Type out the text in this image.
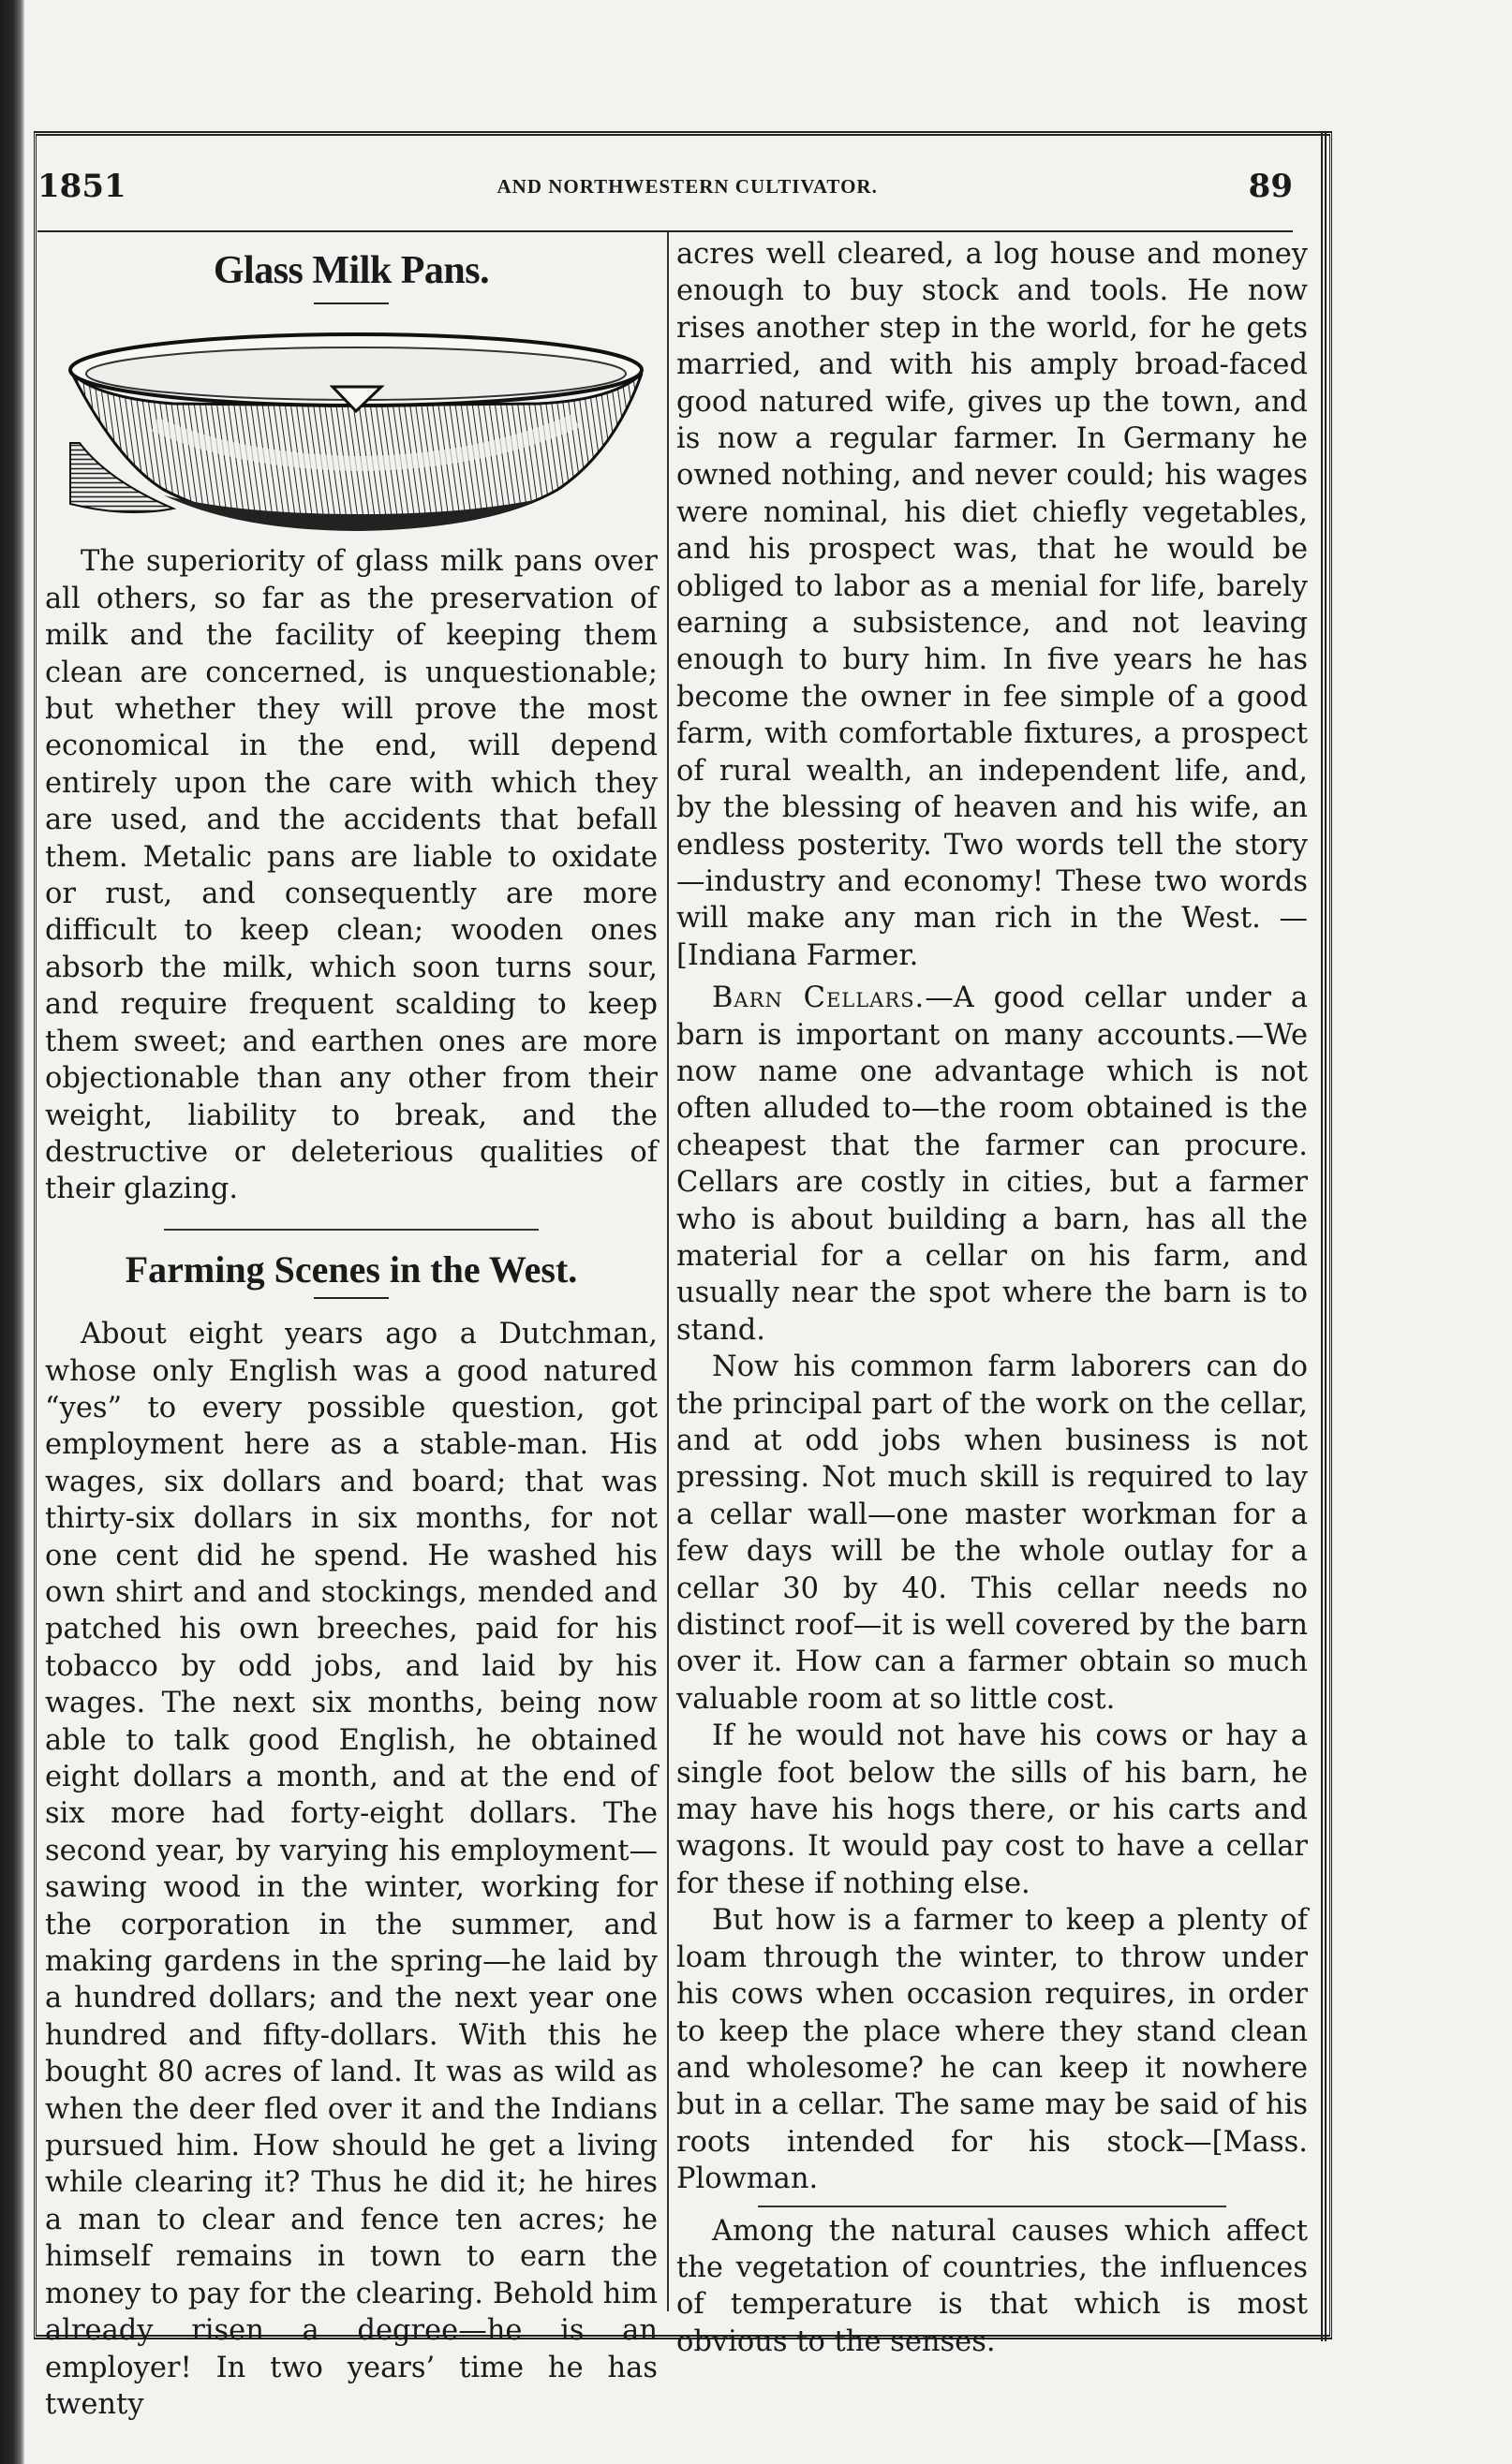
1851	AND NORTHWESTERN CULTIVATOR.	89
Glass Milk Pans.

The superiority of glass milk pans over all others, so far as the preservation of milk and the facility of keeping them clean are concerned, is unquestionable; but whether they will prove the most economical in the end, will depend entirely upon the care with which they are used, and the accidents that befall them. Metalic pans are liable to oxidate or rust, and consequently are more difficult to keep clean; wooden ones absorb the milk, which soon turns sour, and require frequent scalding to keep them sweet; and earthen ones are more objectionable than any other from their weight, liability to break, and the destructive or deleterious qualities of their glazing.

Farming Scenes in the West.

About eight years ago a Dutchman, whose only English was a good natured “yes” to every possible question, got employment here as a stable-man. His wages, six dollars and board; that was thirty-six dollars in six months, for not one cent did he spend. He washed his own shirt and and stockings, mended and patched his own breeches, paid for his tobacco by odd jobs, and laid by his wages. The next six months, being now able to talk good English, he obtained eight dollars a month, and at the end of six more had forty-eight dollars. The second year, by varying his employment—sawing wood in the winter, working for the corporation in the summer, and making gardens in the spring—he laid by a hundred dollars; and the next year one hundred and fifty-dollars. With this he bought 80 acres of land. It was as wild as when the deer fled over it and the Indians pursued him. How should he get a living while clearing it? Thus he did it; he hires a man to clear and fence ten acres; he himself remains in town to earn the money to pay for the clearing. Behold him already risen a degree—he is an employer! In two years’ time he has twenty

acres well cleared, a log house and money enough to buy stock and tools. He now rises another step in the world, for he gets married, and with his amply broad-faced good natured wife, gives up the town, and is now a regular farmer. In Germany he owned nothing, and never could; his wages were nominal, his diet chiefly vegetables, and his prospect was, that he would be obliged to labor as a menial for life, barely earning a subsistence, and not leaving enough to bury him. In five years he has become the owner in fee simple of a good farm, with comfortable fixtures, a prospect of rural wealth, an independent life, and, by the blessing of heaven and his wife, an endless posterity. Two words tell the story—industry and economy! These two words will make any man rich in the West. —[Indiana Farmer.

Barn Cellars.—A good cellar under a barn is important on many accounts.—We now name one advantage which is not often alluded to—the room obtained is the cheapest that the farmer can procure. Cellars are costly in cities, but a farmer who is about building a barn, has all the material for a cellar on his farm, and usually near the spot where the barn is to stand.

Now his common farm laborers can do the principal part of the work on the cellar, and at odd jobs when business is not pressing. Not much skill is required to lay a cellar wall—one master workman for a few days will be the whole outlay for a cellar 30 by 40. This cellar needs no distinct roof—it is well covered by the barn over it. How can a farmer obtain so much valuable room at so little cost.

If he would not have his cows or hay a single foot below the sills of his barn, he may have his hogs there, or his carts and wagons. It would pay cost to have a cellar for these if nothing else.

But how is a farmer to keep a plenty of loam through the winter, to throw under his cows when occasion requires, in order to keep the place where they stand clean and wholesome? he can keep it nowhere but in a cellar. The same may be said of his roots intended for his stock—[Mass. Plowman.

Among the natural causes which affect the vegetation of countries, the influences of temperature is that which is most obvious to the senses.
